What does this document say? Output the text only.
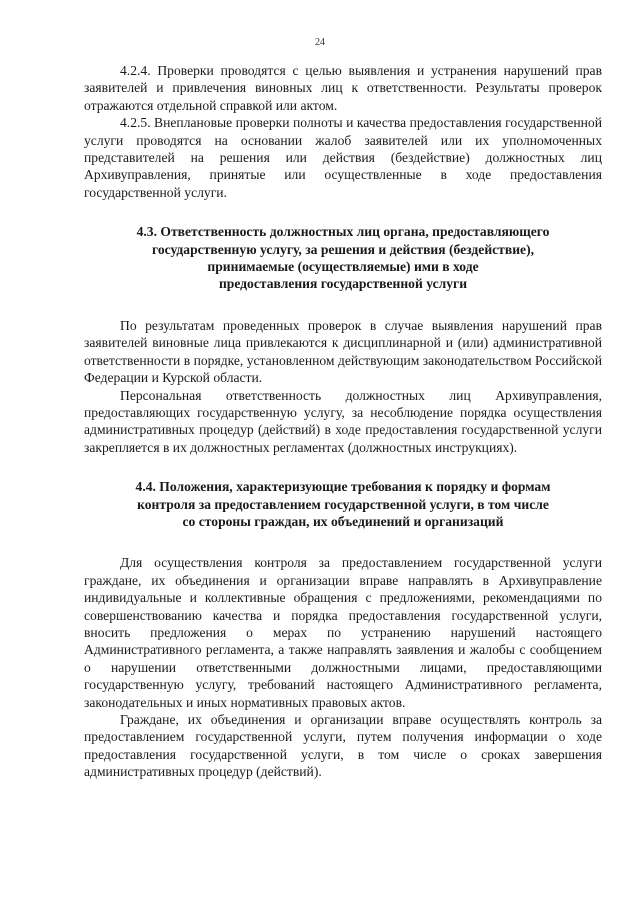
24

4.2.4. Проверки проводятся с целью выявления и устранения нарушений прав заявителей и привлечения виновных лиц к ответственности. Результаты проверок отражаются отдельной справкой или актом.

4.2.5. Внеплановые проверки полноты и качества предоставления государственной услуги проводятся на основании жалоб заявителей или их уполномоченных представителей на решения или действия (бездействие) должностных лиц Архивуправления, принятые или осуществленные в ходе предоставления государственной услуги.

4.3. Ответственность должностных лиц органа, предоставляющего
государственную услугу, за решения и действия (бездействие),
принимаемые (осуществляемые) ими в ходе
предоставления государственной услуги

По результатам проведенных проверок в случае выявления нарушений прав заявителей виновные лица привлекаются к дисциплинарной и (или) административной ответственности в порядке, установленном действующим законодательством Российской Федерации и Курской области.

Персональная ответственность должностных лиц Архивуправления, предоставляющих государственную услугу, за несоблюдение порядка осуществления административных процедур (действий) в ходе предоставления государственной услуги закрепляется в их должностных регламентах (должностных инструкциях).

4.4. Положения, характеризующие требования к порядку и формам
контроля за предоставлением государственной услуги, в том числе
со стороны граждан, их объединений и организаций

Для осуществления контроля за предоставлением государственной услуги граждане, их объединения и организации вправе направлять в Архивуправление индивидуальные и коллективные обращения с предложениями, рекомендациями по совершенствованию качества и порядка предоставления государственной услуги, вносить предложения о мерах по устранению нарушений настоящего Административного регламента, а также направлять заявления и жалобы с сообщением о нарушении ответственными должностными лицами, предоставляющими государственную услугу, требований настоящего Административного регламента, законодательных и иных нормативных правовых актов.

Граждане, их объединения и организации вправе осуществлять контроль за предоставлением государственной услуги, путем получения информации о ходе предоставления государственной услуги, в том числе о сроках завершения административных процедур (действий).
